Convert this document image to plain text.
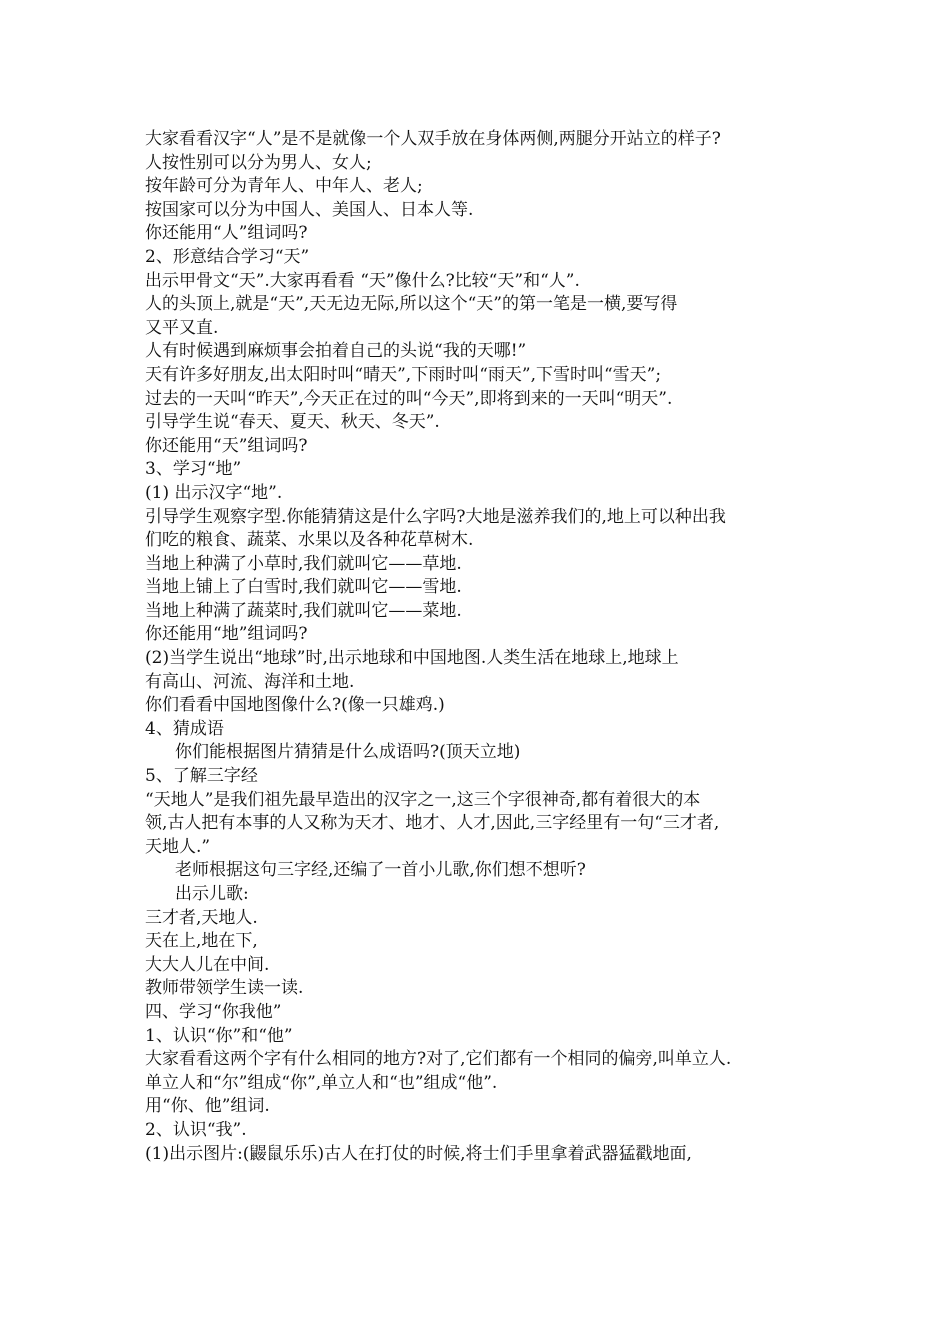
大家看看汉字“人”是不是就像一个人双手放在身体两侧,两腿分开站立的样子?
人按性别可以分为男人、女人;
按年龄可分为青年人、中年人、老人;
按国家可以分为中国人、美国人、日本人等.
你还能用“人”组词吗?
2、形意结合学习“天”
出示甲骨文“天”.大家再看看 “天”像什么?比较“天”和“人”.
人的头顶上,就是“天”,天无边无际,所以这个“天”的第一笔是一横,要写得
又平又直.
人有时候遇到麻烦事会拍着自己的头说“我的天哪!”
天有许多好朋友,出太阳时叫“晴天”,下雨时叫“雨天”,下雪时叫“雪天”;
过去的一天叫“昨天”,今天正在过的叫“今天”,即将到来的一天叫“明天”.
引导学生说“春天、夏天、秋天、冬天”.
你还能用“天”组词吗?
3、学习“地”
(1) 出示汉字“地”.
引导学生观察字型.你能猜猜这是什么字吗?大地是滋养我们的,地上可以种出我
们吃的粮食、蔬菜、水果以及各种花草树木.
当地上种满了小草时,我们就叫它——草地.
当地上铺上了白雪时,我们就叫它——雪地.
当地上种满了蔬菜时,我们就叫它——菜地.
你还能用“地”组词吗?
(2)当学生说出“地球”时,出示地球和中国地图.人类生活在地球上,地球上
有高山、河流、海洋和土地.
你们看看中国地图像什么?(像一只雄鸡.)
4、猜成语
你们能根据图片猜猜是什么成语吗?(顶天立地)
5、了解三字经
“天地人”是我们祖先最早造出的汉字之一,这三个字很神奇,都有着很大的本
领,古人把有本事的人又称为天才、地才、人才,因此,三字经里有一句“三才者,
天地人.”
老师根据这句三字经,还编了一首小儿歌,你们想不想听?
出示儿歌:
三才者,天地人.
天在上,地在下,
大大人儿在中间.
教师带领学生读一读.
四、学习“你我他”
1、认识“你”和“他”
大家看看这两个字有什么相同的地方?对了,它们都有一个相同的偏旁,叫单立人.
单立人和“尔”组成“你”,单立人和“也”组成“他”.
用“你、他”组词.
2、认识“我”.
(1)出示图片:(鼹鼠乐乐)古人在打仗的时候,将士们手里拿着武器猛戳地面,
